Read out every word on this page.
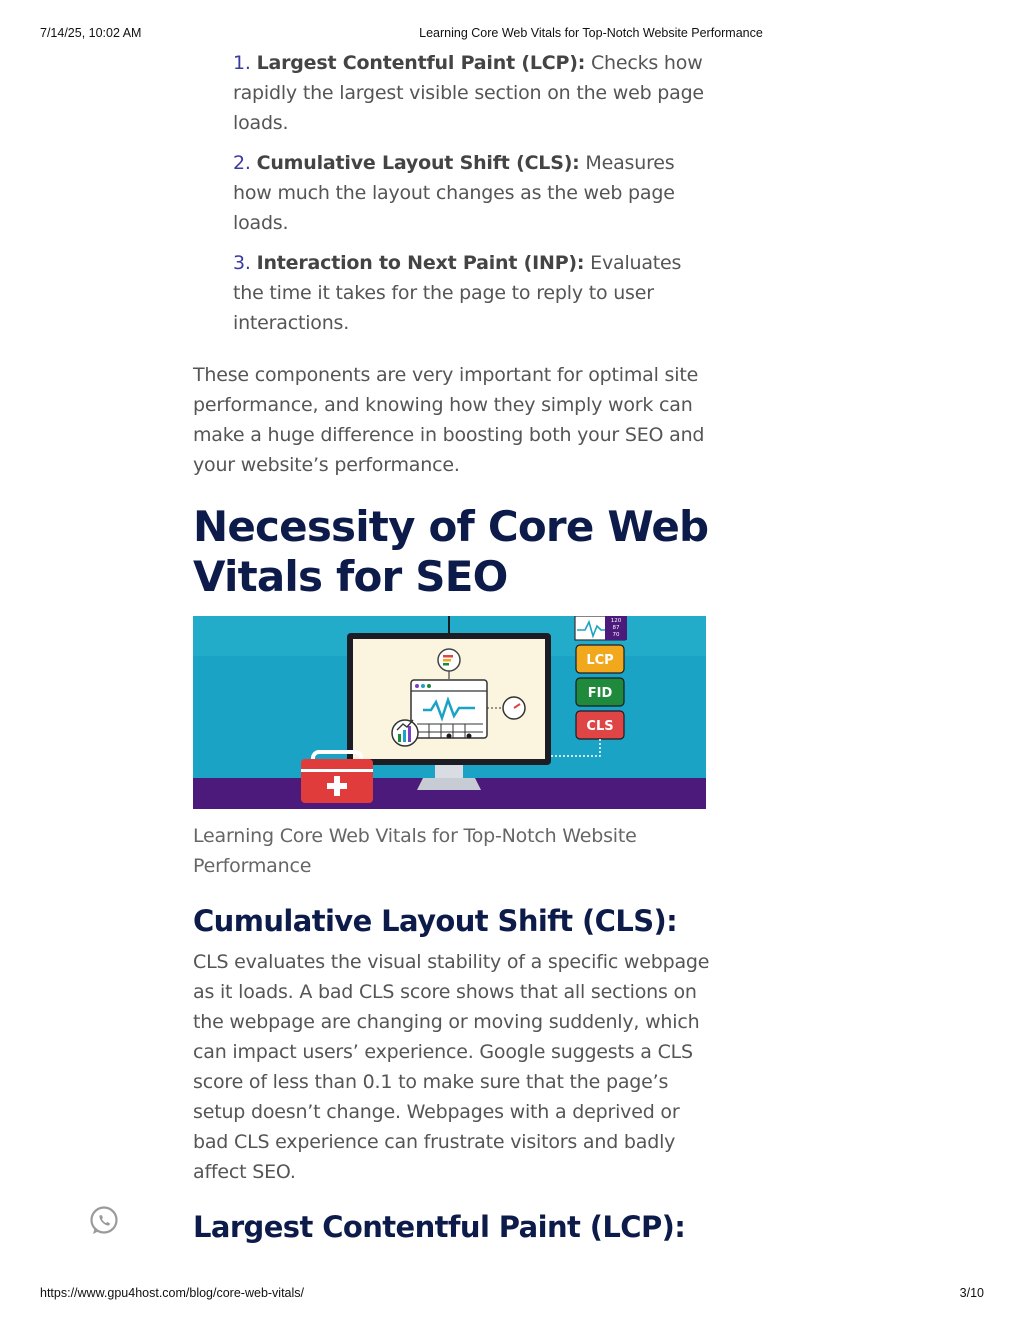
7/14/25, 10:02 AM	Learning Core Web Vitals for Top-Notch Website Performance
1. Largest Contentful Paint (LCP): Checks how rapidly the largest visible section on the web page loads.
2. Cumulative Layout Shift (CLS): Measures how much the layout changes as the web page loads.
3. Interaction to Next Paint (INP): Evaluates the time it takes for the page to reply to user interactions.

These components are very important for optimal site performance, and knowing how they simply work can make a huge difference in boosting both your SEO and your website’s performance.

Necessity of Core Web Vitals for SEO
120
87
70
LCP
FID
CLS
Learning Core Web Vitals for Top-Notch Website Performance
Cumulative Layout Shift (CLS):

CLS evaluates the visual stability of a specific webpage as it loads. A bad CLS score shows that all sections on the webpage are changing or moving suddenly, which can impact users’ experience. Google suggests a CLS score of less than 0.1 to make sure that the page’s setup doesn’t change. Webpages with a deprived or bad CLS experience can frustrate visitors and badly affect SEO.

Largest Contentful Paint (LCP):
https://www.gpu4host.com/blog/core-web-vitals/	3/10
